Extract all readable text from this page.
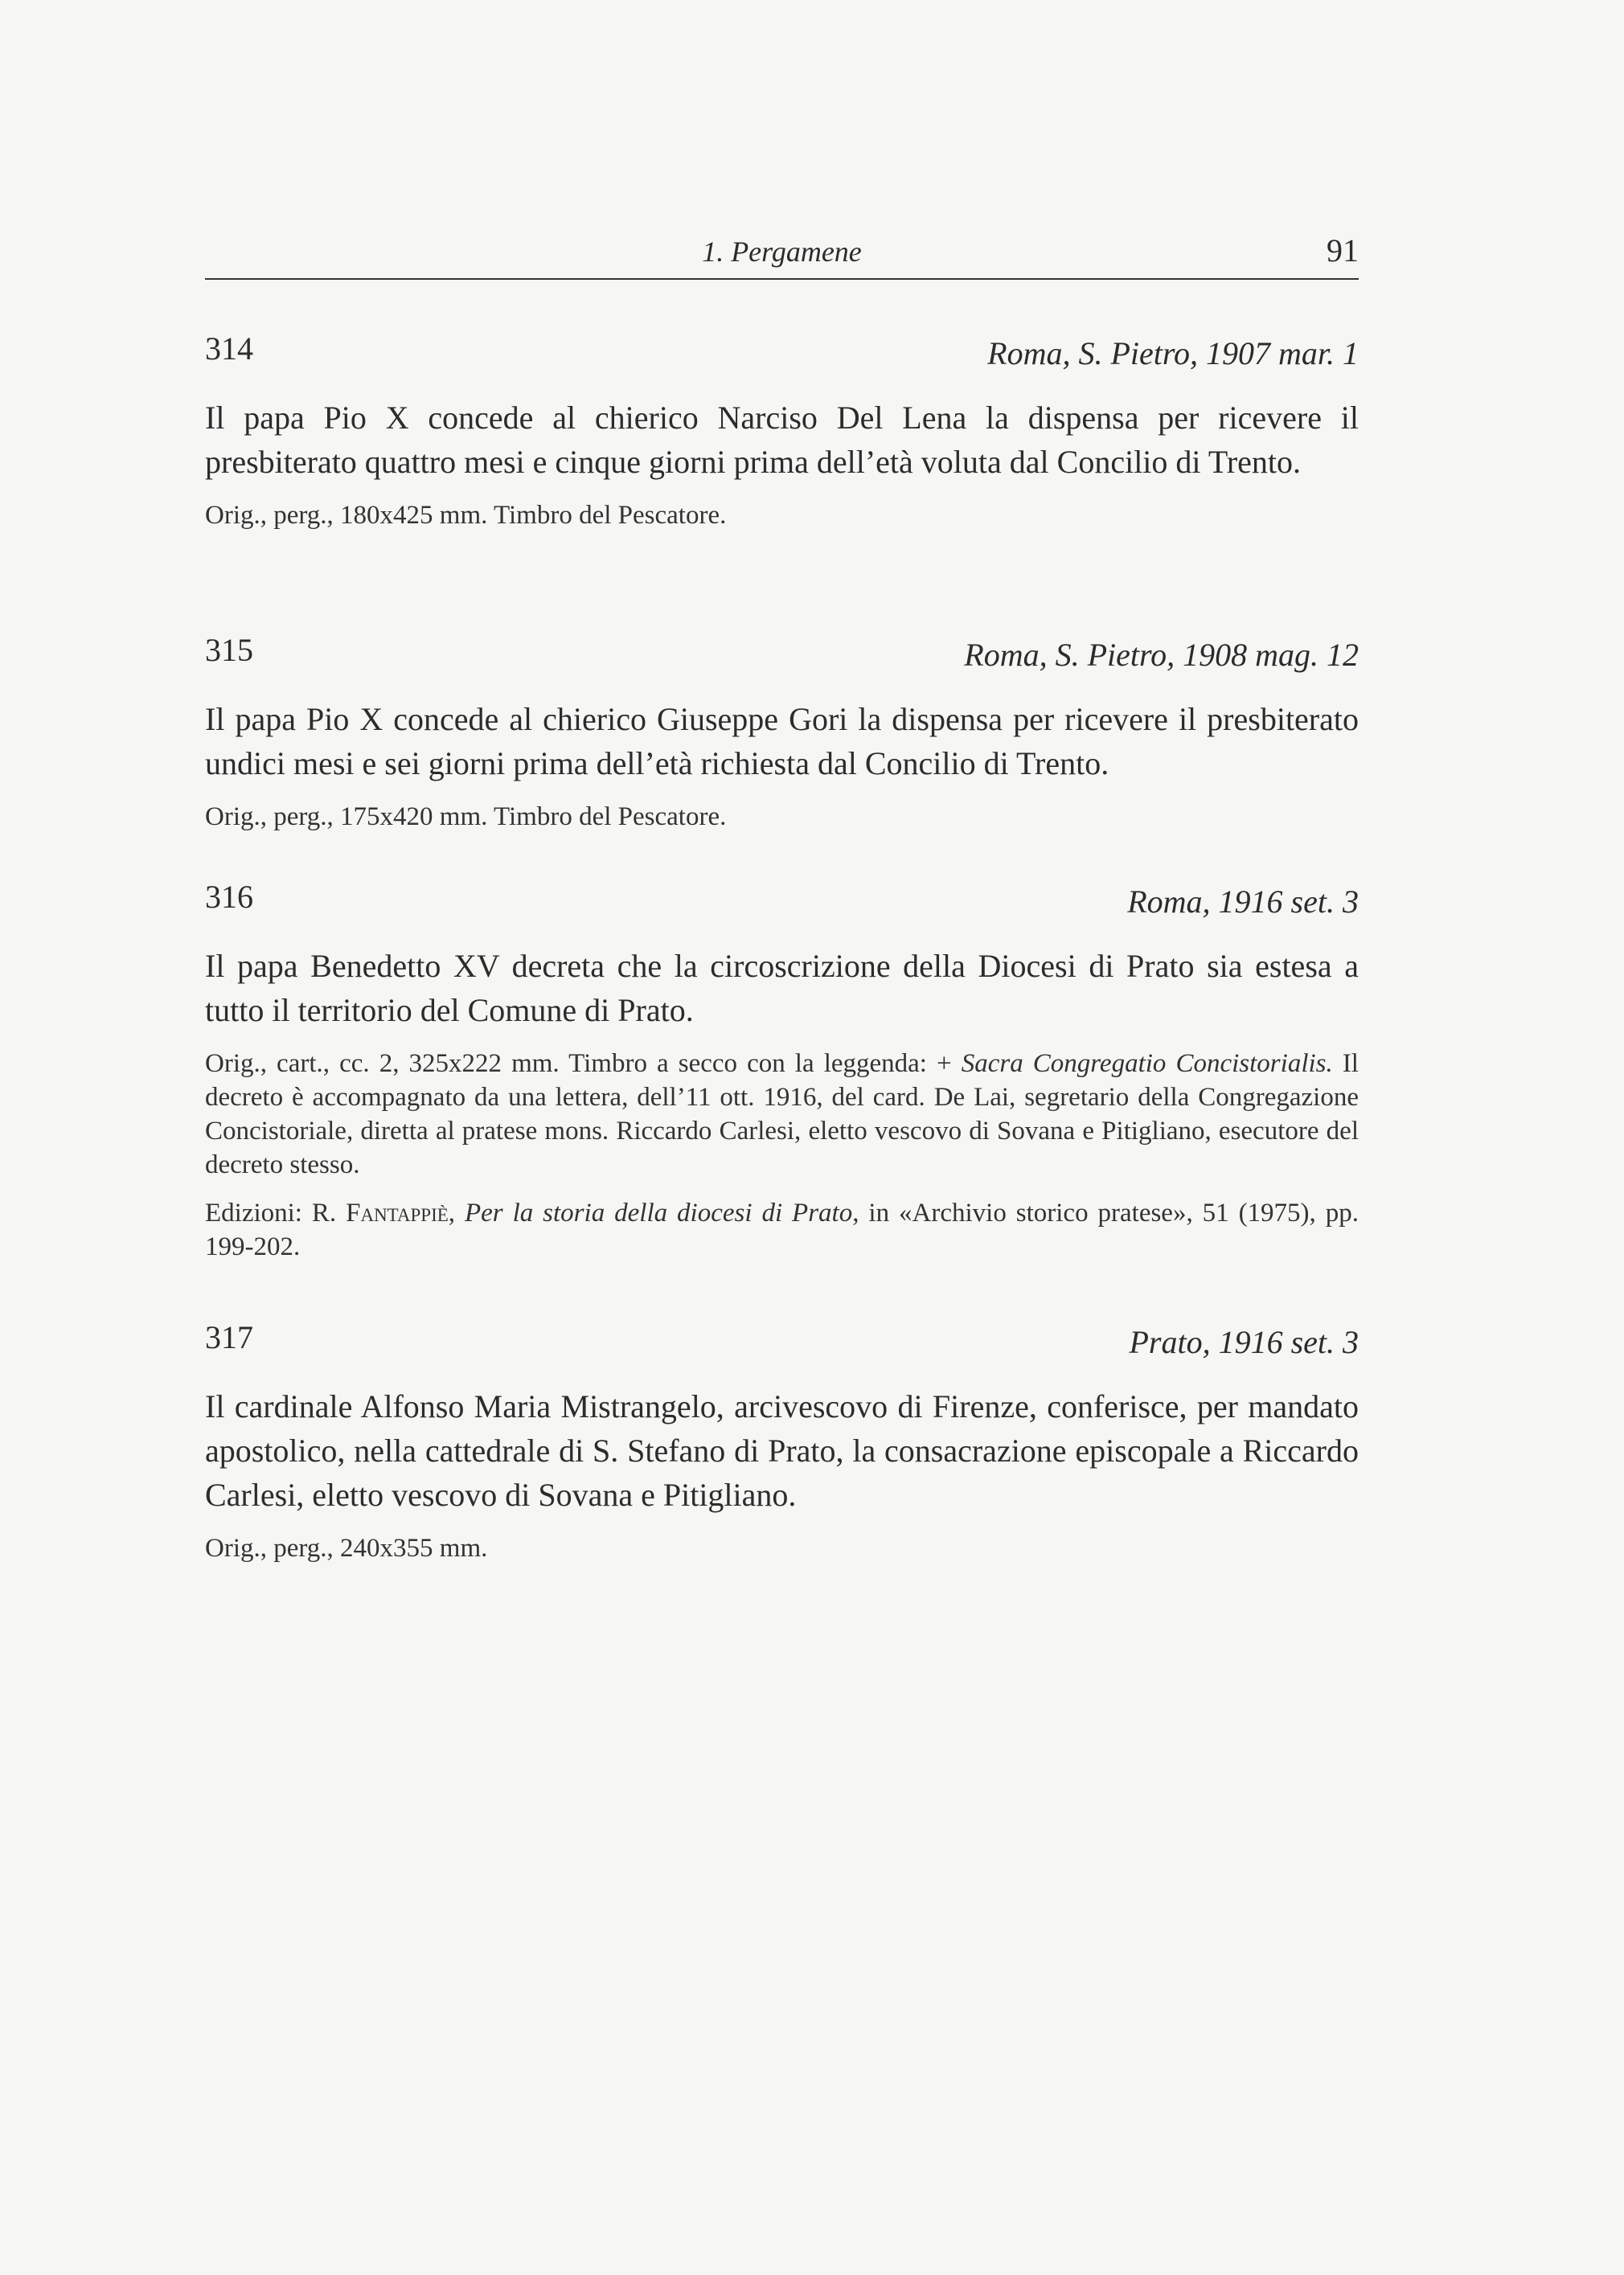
1. Pergamene	91
314	Roma, S. Pietro, 1907 mar. 1

Il papa Pio X concede al chierico Narciso Del Lena la dispensa per ricevere il presbiterato quattro mesi e cinque giorni prima dell’età voluta dal Concilio di Trento.

Orig., perg., 180x425 mm. Timbro del Pescatore.

315	Roma, S. Pietro, 1908 mag. 12

Il papa Pio X concede al chierico Giuseppe Gori la dispensa per ricevere il presbiterato undici mesi e sei giorni prima dell’età richiesta dal Concilio di Trento.

Orig., perg., 175x420 mm. Timbro del Pescatore.

316	Roma, 1916 set. 3

Il papa Benedetto XV decreta che la circoscrizione della Diocesi di Prato sia estesa a tutto il territorio del Comune di Prato.

Orig., cart., cc. 2, 325x222 mm. Timbro a secco con la leggenda: + Sacra Congregatio Concistorialis. Il decreto è accompagnato da una lettera, dell’11 ott. 1916, del card. De Lai, segretario della Congregazione Concistoriale, diretta al pratese mons. Riccardo Carlesi, eletto vescovo di Sovana e Pitigliano, esecutore del decreto stesso.

Edizioni: R. Fantappiè, Per la storia della diocesi di Prato, in «Archivio storico pratese», 51 (1975), pp. 199-202.

317	Prato, 1916 set. 3

Il cardinale Alfonso Maria Mistrangelo, arcivescovo di Firenze, conferisce, per mandato apostolico, nella cattedrale di S. Stefano di Prato, la consacrazione episcopale a Riccardo Carlesi, eletto vescovo di Sovana e Pitigliano.

Orig., perg., 240x355 mm.
